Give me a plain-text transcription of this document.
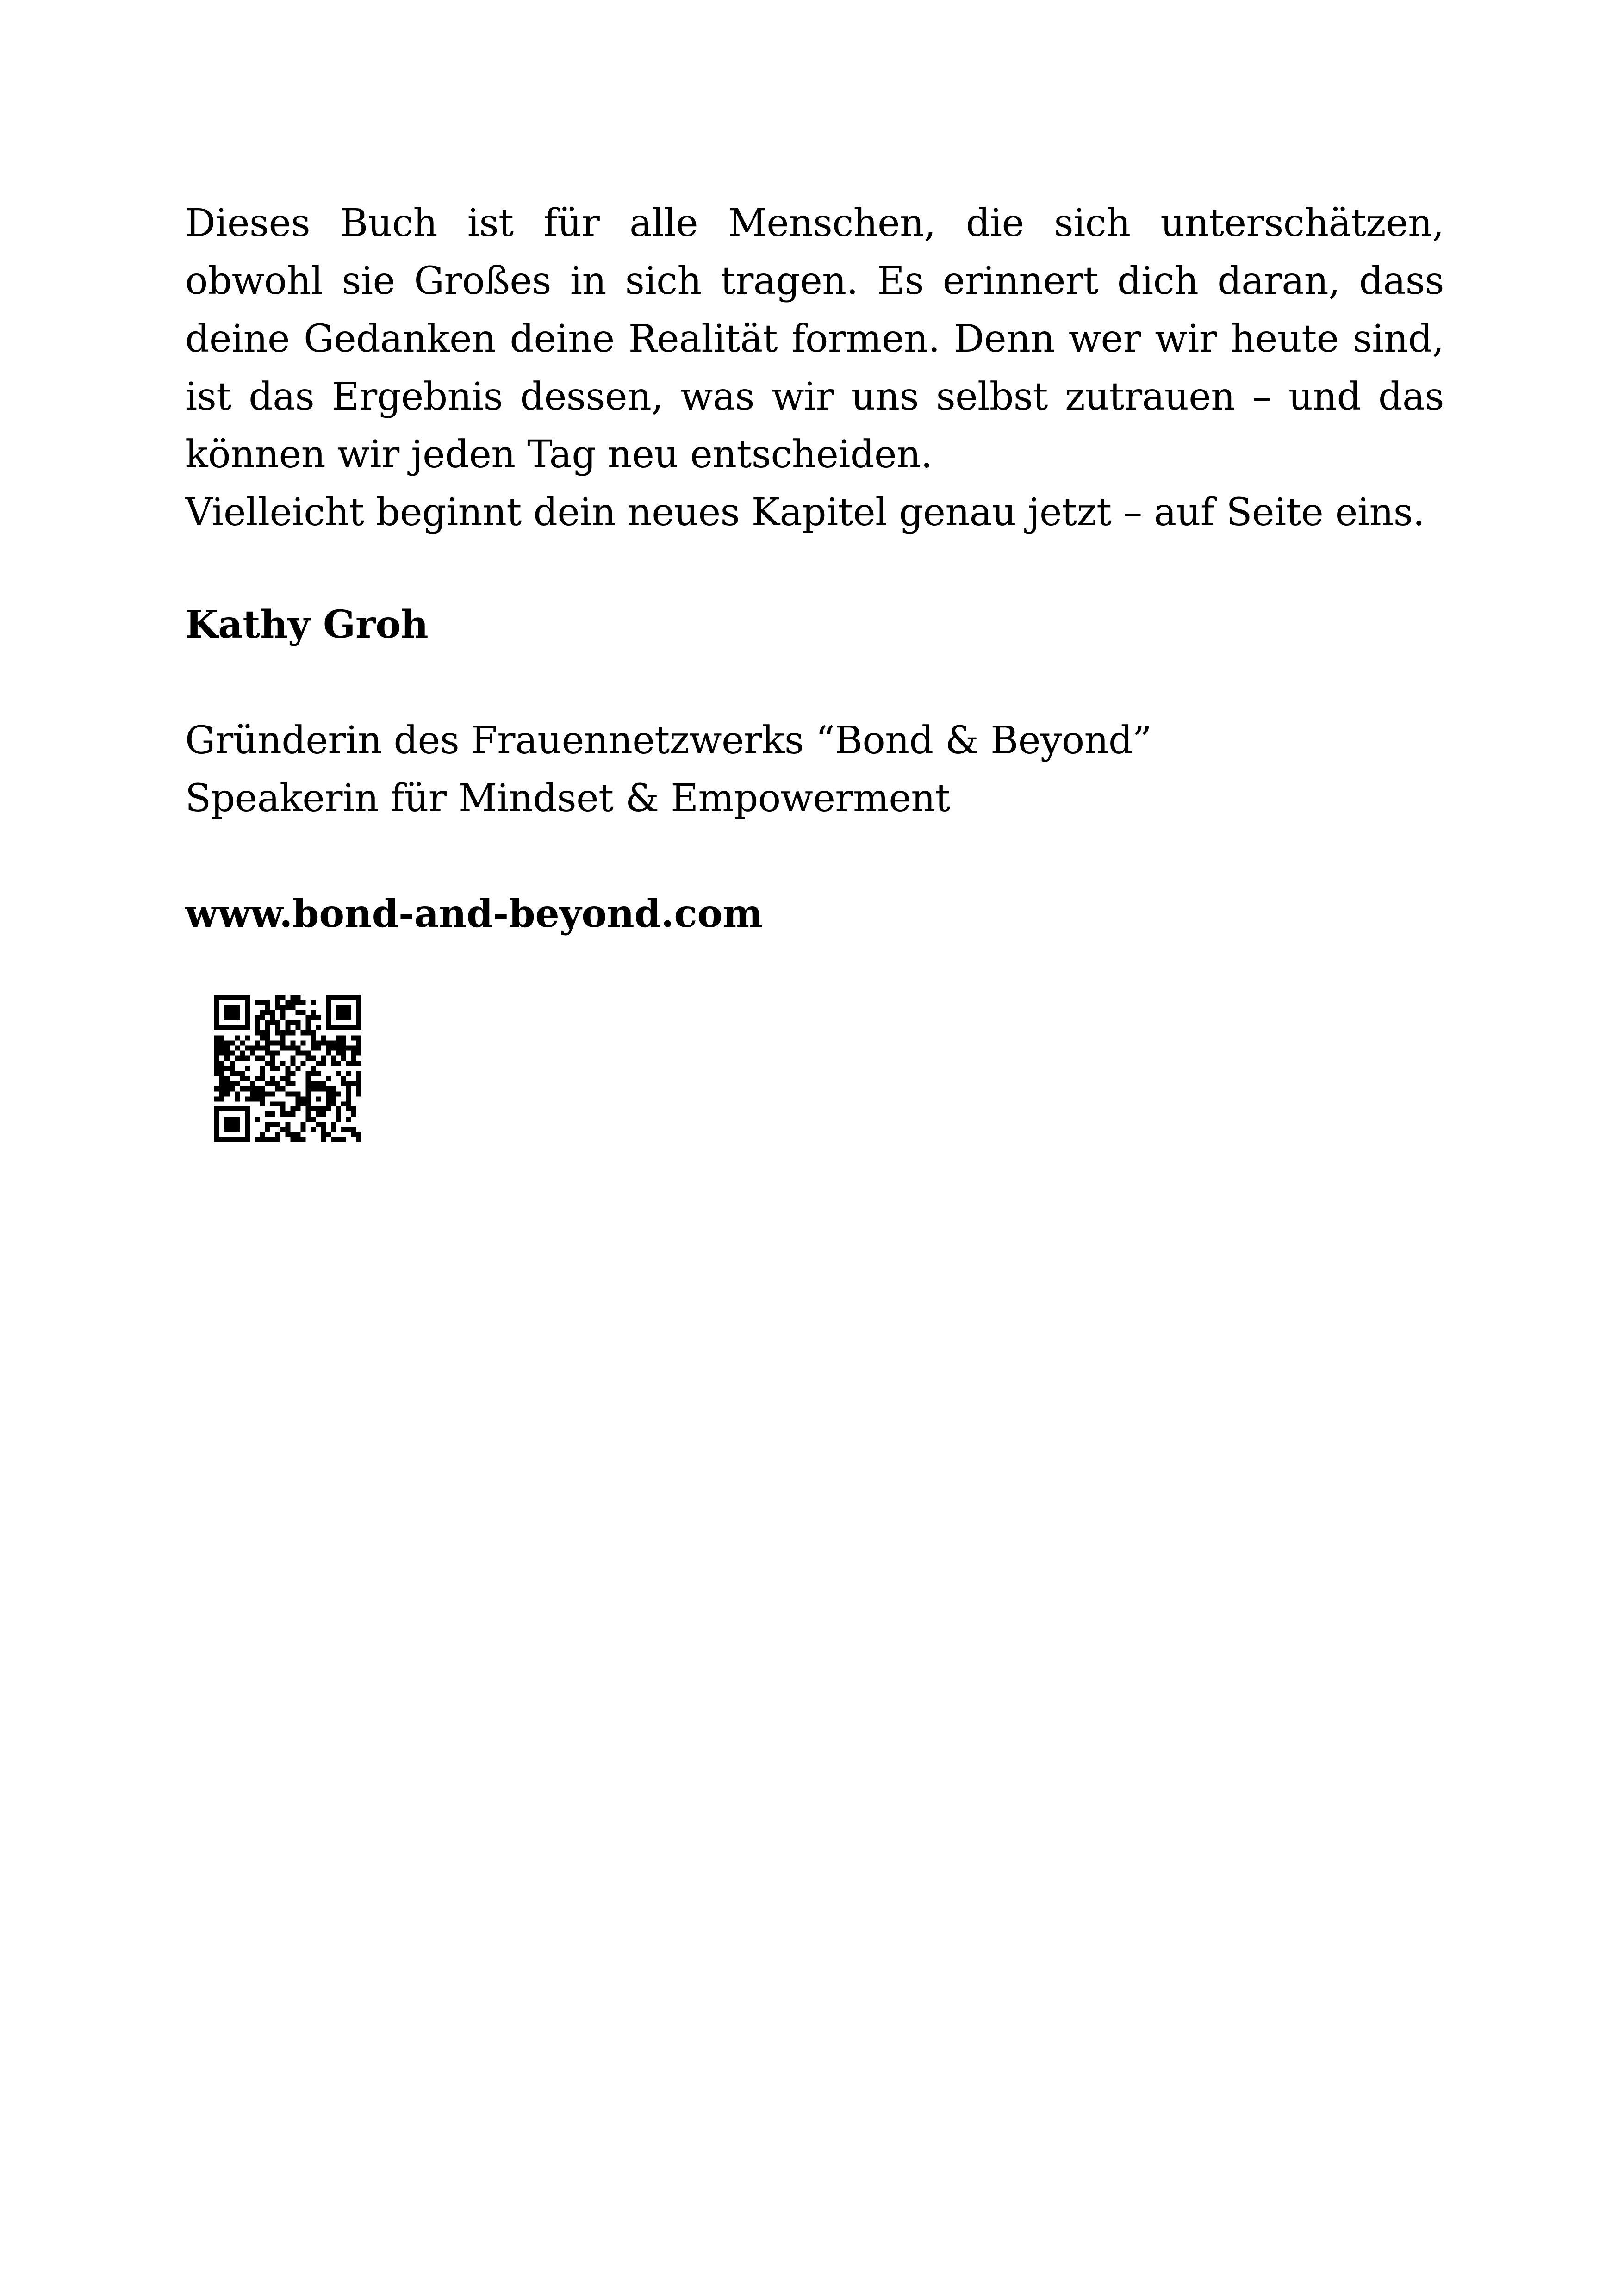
Dieses Buch ist für alle Menschen, die sich unterschätzen, obwohl sie Großes in sich tragen. Es erinnert dich daran, dass deine Gedanken deine Realität formen. Denn wer wir heute sind, ist das Ergebnis dessen, was wir uns selbst zutrauen – und das können wir jeden Tag neu entscheiden.

Vielleicht beginnt dein neues Kapitel genau jetzt – auf Seite eins.

Kathy Groh

Gründerin des Frauennetzwerks “Bond & Beyond”
Speakerin für Mindset & Empowerment

www.bond-and-beyond.com
